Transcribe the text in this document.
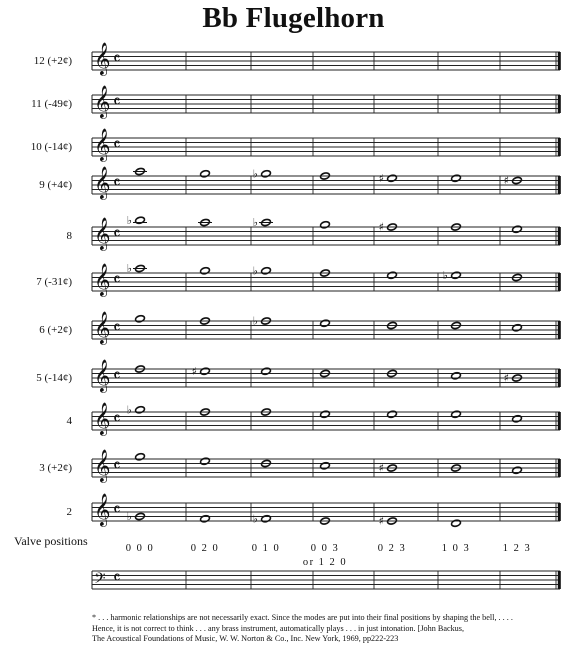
Bb Flugelhorn
𝄞 𝄴
12 (+2¢)
𝄞 𝄴
11 (-49¢)
𝄞 𝄴
10 (-14¢)
𝄞 𝄴
9 (+4¢)
♭	♯	♯
𝄞 𝄴
8
♭	♭	♯
𝄞 𝄴
7 (-31¢)
♭	♭	♭
𝄞 𝄴
6 (+2¢)
♭
𝄞 𝄴
5 (-14¢)
♯
♯
𝄞 𝄴
4
♭
𝄞 𝄴
3 (+2¢)	♯
𝄞 𝄴
2	♭	♭	♯
Valve positions
0 0 0	0 2 0	0 1 0	0 0 3	0 2 3	1 0 3	1 2 3
or 1 2 0
𝄢 𝄴
* . . . harmonic relationships are not necessarily exact. Since the modes are put into their final positions by shaping the bell, . . . .
Hence, it is not correct to think . . . any brass instrument, automatically plays . . . in just intonation. [John Backus,
The Acoustical Foundations of Music, W. W. Norton & Co., Inc. New York, 1969, pp222-223
